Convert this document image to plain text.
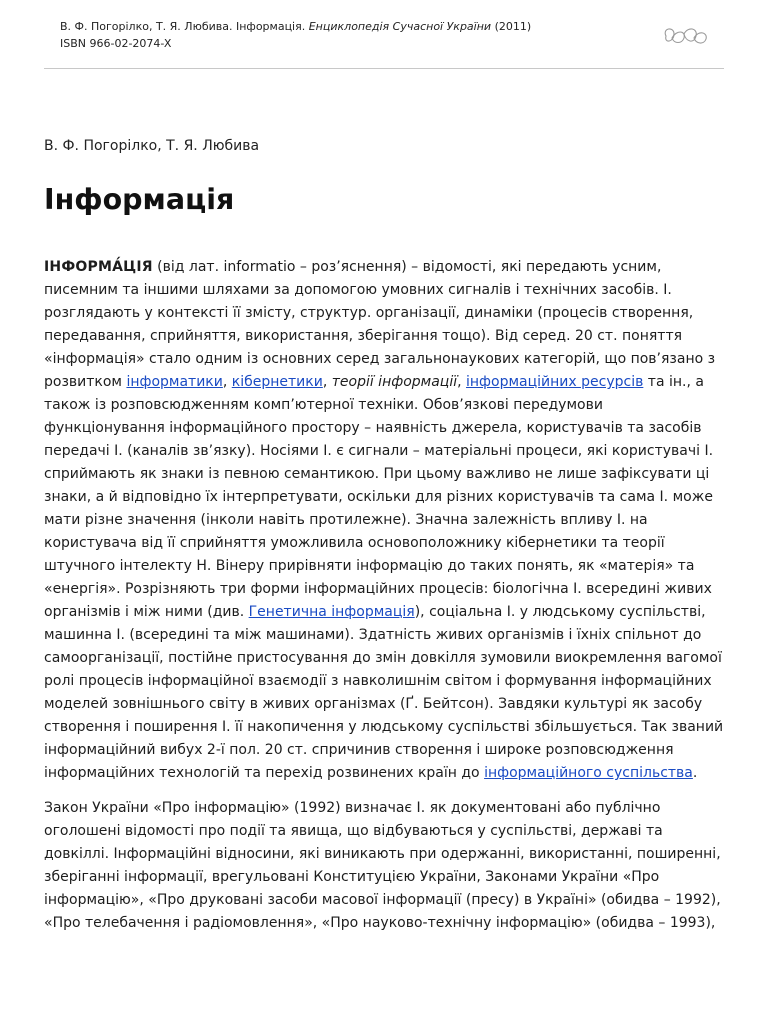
В. Ф. Погорілко, Т. Я. Любива. Інформація. Енциклопедія Сучасної України (2011)
ISBN 966-02-2074-X
В. Ф. Погорілко, Т. Я. Любива
Інформація

ІНФОРМА́ЦІЯ (від лат. informatio – роз’яснення) – відомості, які передають усним, писемним та іншими шляхами за допомогою умовних сигналів і технічних засобів. І. розглядають у контексті її змісту, структур. організації, динаміки (процесів створення, передавання, сприйняття, використання, зберігання тощо). Від серед. 20 ст. поняття «інформація» стало одним із основних серед загальнонаукових категорій, що пов’язано з розвитком інформатики, кібернетики, теорії інформації, інформаційних ресурсів та ін., а також із розповсюдженням комп’ютерної техніки. Обов’язкові передумови функціонування інформаційного простору – наявність джерела, користувачів та засобів передачі І. (каналів зв’язку). Носіями І. є сигнали – матеріальні процеси, які користувачі І. сприймають як знаки із певною семантикою. При цьому важливо не лише зафіксувати ці знаки, а й відповідно їх інтерпретувати, оскільки для різних користувачів та сама І. може мати різне значення (інколи навіть протилежне). Значна залежність впливу І. на користувача від її сприйняття уможливила основоположнику кібернетики та теорії штучного інтелекту Н. Вінеру прирівняти інформацію до таких понять, як «матерія» та «енергія». Розрізняють три форми інформаційних процесів: біологічна І. всередині живих організмів і між ними (див. Генетична інформація), соціальна І. у людському суспільстві, машинна І. (всередині та між машинами). Здатність живих організмів і їхніх спільнот до самоорганізації, постійне пристосування до змін довкілля зумовили виокремлення вагомої ролі процесів інформаційної взаємодії з навколишнім світом і формування інформаційних моделей зовнішнього світу в живих організмах (Ґ. Бейтсон). Завдяки культурі як засобу створення і поширення І. її накопичення у людському суспільстві збільшується. Так званий інформаційний вибух 2-ї пол. 20 ст. спричинив створення і широке розповсюдження інформаційних технологій та перехід розвинених країн до інформаційного суспільства.

Закон України «Про інформацію» (1992) визначає І. як документовані або публічно оголошені відомості про події та явища, що відбуваються у суспільстві, державі та довкіллі. Інформаційні відносини, які виникають при одержанні, використанні, поширенні, зберіганні інформації, врегульовані Конституцією України, Законами України «Про інформацію», «Про друковані засоби масової інформації (пресу) в Україні» (обидва – 1992), «Про телебачення і радіомовлення», «Про науково-технічну інформацію» (обидва – 1993),
